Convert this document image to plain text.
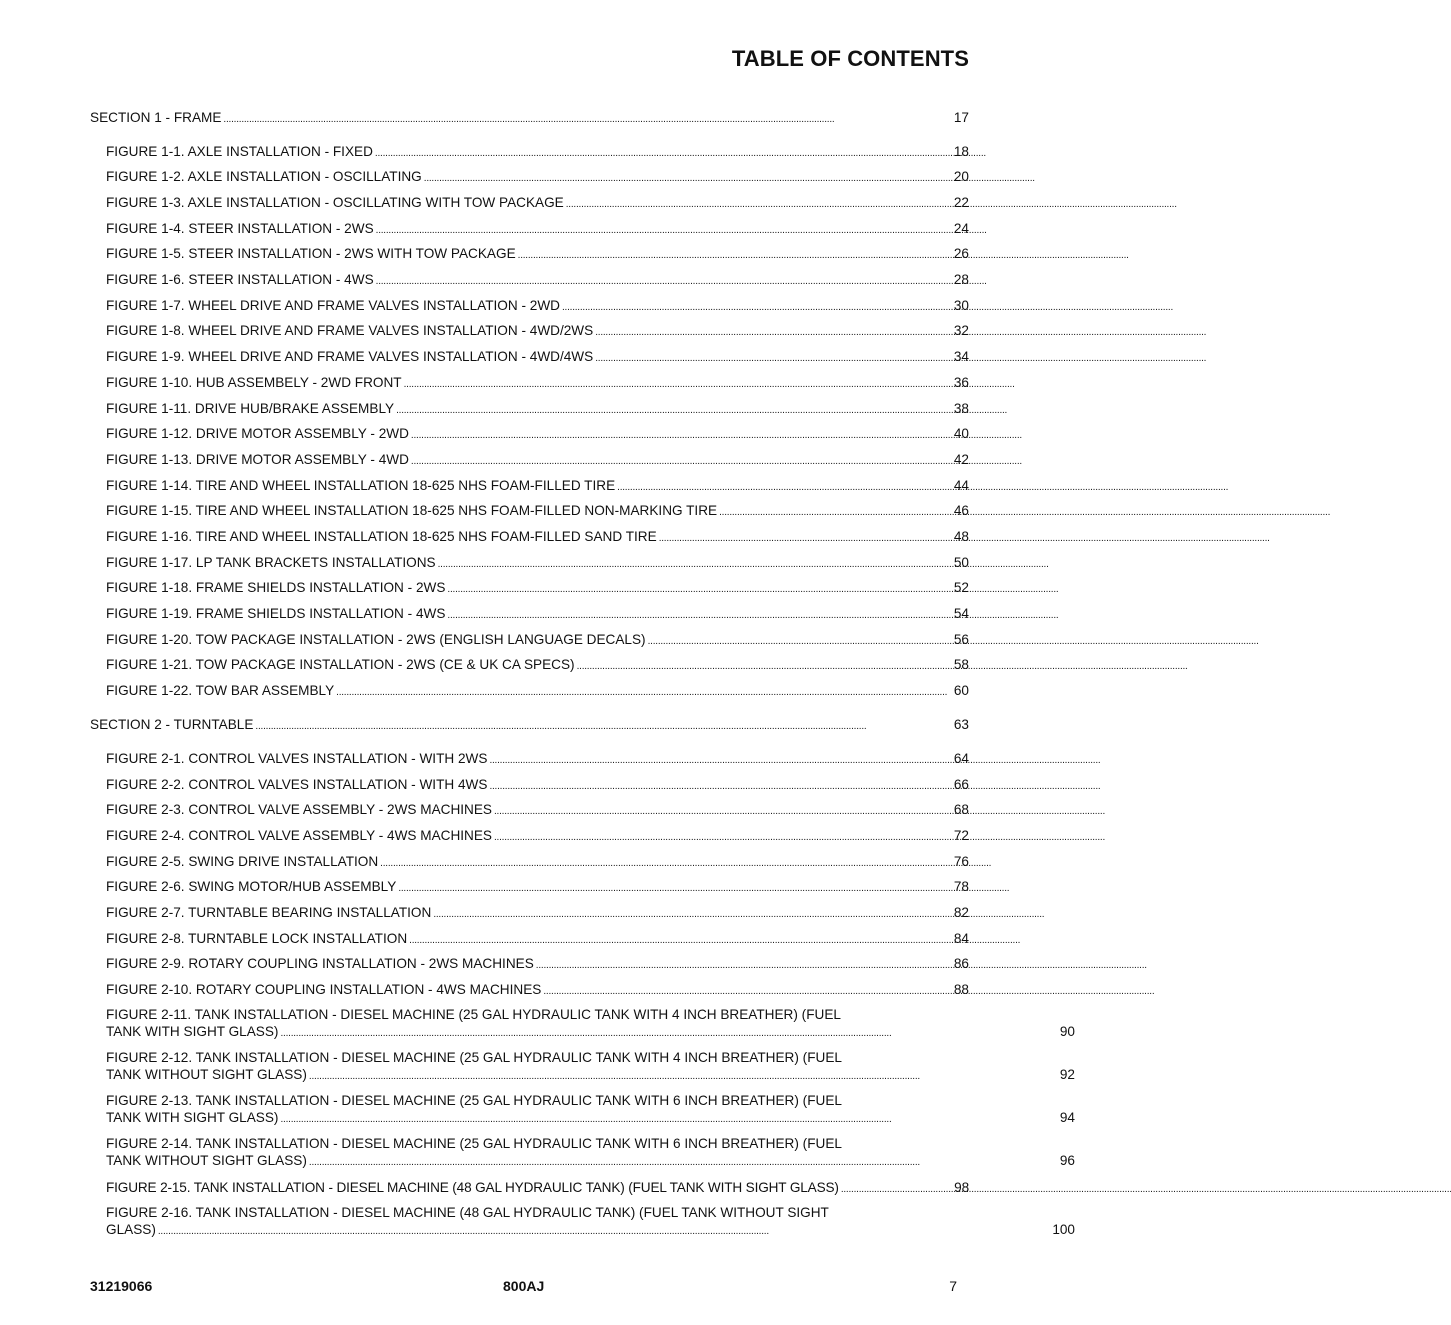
TABLE OF CONTENTS
SECTION 1 - FRAME . . .	17
FIGURE 1-1. AXLE INSTALLATION - FIXED . . .	18
FIGURE 1-2. AXLE INSTALLATION - OSCILLATING . . .	20
FIGURE 1-3. AXLE INSTALLATION - OSCILLATING WITH TOW PACKAGE . . .	22
FIGURE 1-4. STEER INSTALLATION - 2WS . . .	24
FIGURE 1-5. STEER INSTALLATION - 2WS WITH TOW PACKAGE . . .	26
FIGURE 1-6. STEER INSTALLATION - 4WS . . .	28
FIGURE 1-7. WHEEL DRIVE AND FRAME VALVES INSTALLATION - 2WD . . .	30
FIGURE 1-8. WHEEL DRIVE AND FRAME VALVES INSTALLATION - 4WD/2WS . . .	32
FIGURE 1-9. WHEEL DRIVE AND FRAME VALVES INSTALLATION - 4WD/4WS . . .	34
FIGURE 1-10. HUB ASSEMBELY - 2WD FRONT . . .	36
FIGURE 1-11. DRIVE HUB/BRAKE ASSEMBLY . . .	38
FIGURE 1-12. DRIVE MOTOR ASSEMBLY - 2WD . . .	40
FIGURE 1-13. DRIVE MOTOR ASSEMBLY - 4WD . . .	42
FIGURE 1-14. TIRE AND WHEEL INSTALLATION 18-625 NHS FOAM-FILLED TIRE . . .	44
FIGURE 1-15. TIRE AND WHEEL INSTALLATION 18-625 NHS FOAM-FILLED NON-MARKING TIRE . . .	46
FIGURE 1-16. TIRE AND WHEEL INSTALLATION 18-625 NHS FOAM-FILLED SAND TIRE . . .	48
FIGURE 1-17. LP TANK BRACKETS INSTALLATIONS . . .	50
FIGURE 1-18. FRAME SHIELDS INSTALLATION - 2WS . . .	52
FIGURE 1-19. FRAME SHIELDS INSTALLATION - 4WS . . .	54
FIGURE 1-20. TOW PACKAGE INSTALLATION - 2WS (ENGLISH LANGUAGE DECALS) . . .	56
FIGURE 1-21. TOW PACKAGE INSTALLATION - 2WS (CE & UK CA SPECS) . . .	58
FIGURE 1-22. TOW BAR ASSEMBLY . . .	60
SECTION 2 - TURNTABLE . . .	63
FIGURE 2-1. CONTROL VALVES INSTALLATION - WITH 2WS . . .	64
FIGURE 2-2. CONTROL VALVES INSTALLATION - WITH 4WS . . .	66
FIGURE 2-3. CONTROL VALVE ASSEMBLY - 2WS MACHINES . . .	68
FIGURE 2-4. CONTROL VALVE ASSEMBLY - 4WS MACHINES . . .	72
FIGURE 2-5. SWING DRIVE INSTALLATION . . .	76
FIGURE 2-6. SWING MOTOR/HUB ASSEMBLY . . .	78
FIGURE 2-7. TURNTABLE BEARING INSTALLATION . . .	82
FIGURE 2-8. TURNTABLE LOCK INSTALLATION . . .	84
FIGURE 2-9. ROTARY COUPLING INSTALLATION - 2WS MACHINES . . .	86
FIGURE 2-10. ROTARY COUPLING INSTALLATION - 4WS MACHINES . . .	88
FIGURE 2-11. TANK INSTALLATION - DIESEL MACHINE (25 GAL HYDRAULIC TANK WITH 4 INCH BREATHER) (FUEL
TANK WITH SIGHT GLASS) . . .	90
FIGURE 2-12. TANK INSTALLATION - DIESEL MACHINE (25 GAL HYDRAULIC TANK WITH 4 INCH BREATHER) (FUEL
TANK WITHOUT SIGHT GLASS) . . .	92
FIGURE 2-13. TANK INSTALLATION - DIESEL MACHINE (25 GAL HYDRAULIC TANK WITH 6 INCH BREATHER) (FUEL
TANK WITH SIGHT GLASS) . . .	94
FIGURE 2-14. TANK INSTALLATION - DIESEL MACHINE (25 GAL HYDRAULIC TANK WITH 6 INCH BREATHER) (FUEL
TANK WITHOUT SIGHT GLASS) . . .	96
FIGURE 2-15. TANK INSTALLATION - DIESEL MACHINE (48 GAL HYDRAULIC TANK) (FUEL TANK WITH SIGHT GLASS) . . .	98
FIGURE 2-16. TANK INSTALLATION - DIESEL MACHINE (48 GAL HYDRAULIC TANK) (FUEL TANK WITHOUT SIGHT
GLASS) . . .	100
31219066	800AJ	7
